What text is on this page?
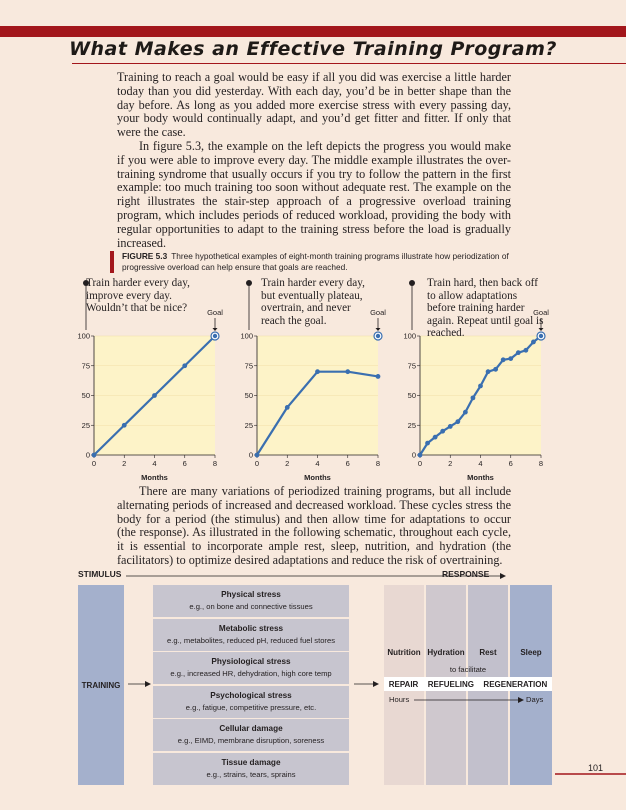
What Makes an Effective Training Program?

Training to reach a goal would be easy if all you did was exercise a little harder today than you did yesterday. With each day, you’d be in better shape than the day before. As long as you added more exercise stress with every passing day, your body would continually adapt, and you’d get fitter and fitter. If only that were the case.

In figure 5.3, the example on the left depicts the progress you would make if you were able to improve every day. The middle example illustrates the over-training syndrome that usually occurs if you try to follow the pattern in the first example: too much training too soon without adequate rest. The example on the right illustrates the stair-step approach of a progressive overload training program, which includes periods of reduced workload, providing the body with regular opportunities to adapt to the training stress before the load is gradually increased.

FIGURE 5.3 Three hypothetical examples of eight-month training programs illustrate how periodization of progressive overload can help ensure that goals are reached.
Train harder every day, improve every day. Wouldn’t that be nice?
0
25
50
75
100
0	2	4	6	8
Months
Goal
Train harder every day, but eventually plateau, overtrain, and never reach the goal.
0
25
50
75
100
0	2	4	6	8
Months
Goal
Train hard, then back off to allow adaptations before training harder again. Repeat until goal is reached.
0
25
50
75
100
0	2	4	6	8
Months
Goal

There are many variations of periodized training programs, but all include alternating periods of increased and decreased workload. These cycles stress the body for a period (the stimulus) and then allow time for adaptations to occur (the response). As illustrated in the following schematic, throughout each cycle, it is essential to incorporate ample rest, sleep, nutrition, and hydration (the facilitators) to optimize desired adaptations and reduce the risk of overtraining.

STIMULUS	RESPONSE
TRAINING
Physical stress
e.g., on bone and connective tissues
Metabolic stress
e.g., metabolites, reduced pH, reduced fuel stores
Physiological stress
e.g., increased HR, dehydration, high core temp
Psychological stress
e.g., fatigue, competitive pressure, etc.
Cellular damage
e.g., EIMD, membrane disruption, soreness
Tissue damage
e.g., strains, tears, sprains
Nutrition Hydration	Rest	Sleep
to facilitate
REPAIR REFUELING REGENERATION
Hours	Days
101
